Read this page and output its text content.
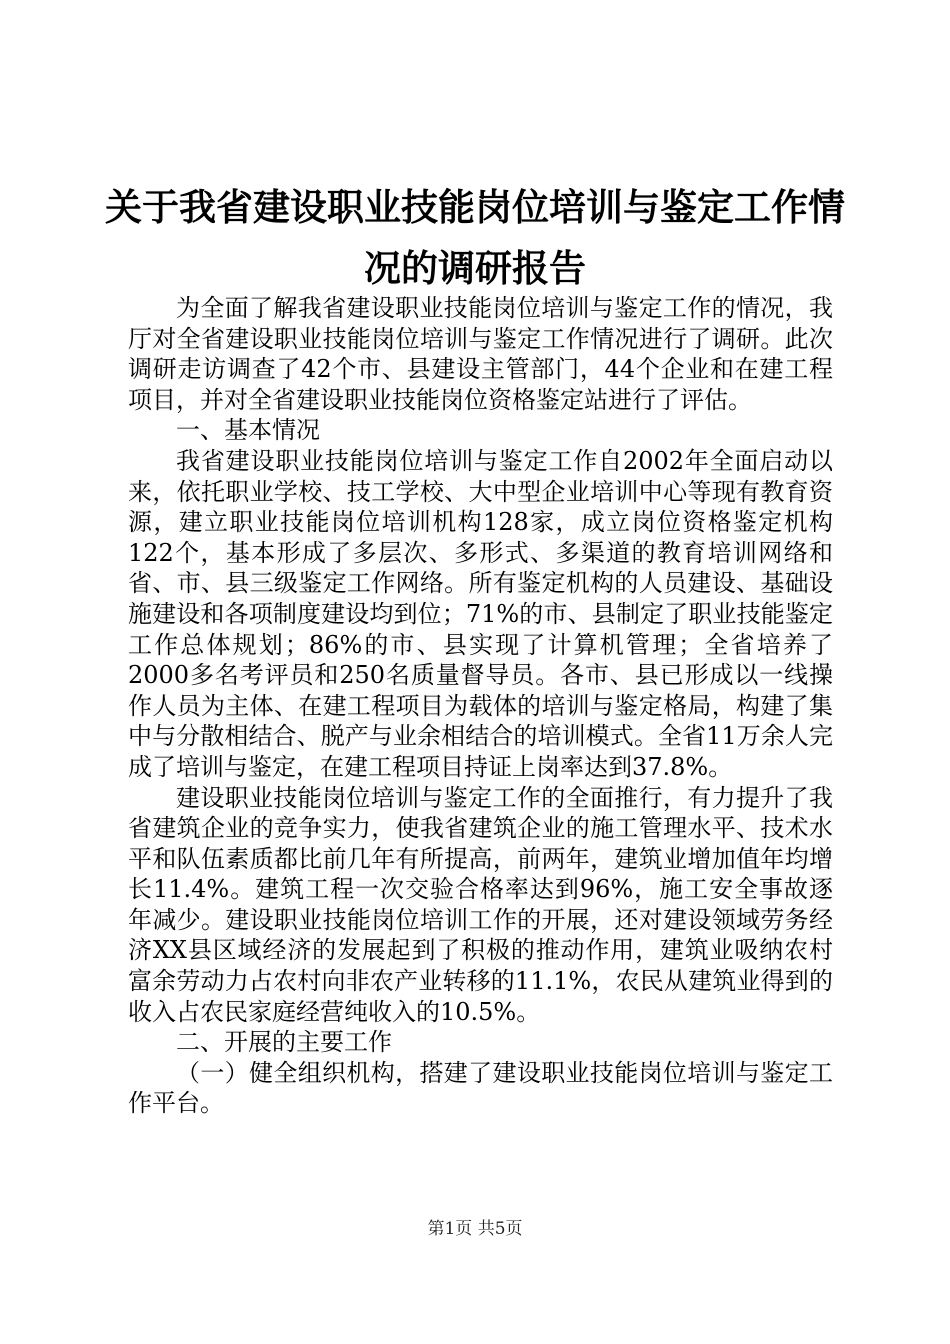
关于我省建设职业技能岗位培训与鉴定工作情
况的调研报告

为全面了解我省建设职业技能岗位培训与鉴定工作的情况，我厅对全省建设职业技能岗位培训与鉴定工作情况进行了调研。此次调研走访调查了42个市、县建设主管部门，44个企业和在建工程项目，并对全省建设职业技能岗位资格鉴定站进行了评估。

一、基本情况

我省建设职业技能岗位培训与鉴定工作自2002年全面启动以来，依托职业学校、技工学校、大中型企业培训中心等现有教育资源，建立职业技能岗位培训机构128家，成立岗位资格鉴定机构122个，基本形成了多层次、多形式、多渠道的教育培训网络和省、市、县三级鉴定工作网络。所有鉴定机构的人员建设、基础设施建设和各项制度建设均到位；71%的市、县制定了职业技能鉴定工作总体规划；86%的市、县实现了计算机管理；全省培养了2000多名考评员和250名质量督导员。各市、县已形成以一线操作人员为主体、在建工程项目为载体的培训与鉴定格局，构建了集中与分散相结合、脱产与业余相结合的培训模式。全省11万余人完成了培训与鉴定，在建工程项目持证上岗率达到37.8%。

建设职业技能岗位培训与鉴定工作的全面推行，有力提升了我省建筑企业的竞争实力，使我省建筑企业的施工管理水平、技术水平和队伍素质都比前几年有所提高，前两年，建筑业增加值年均增长11.4%。建筑工程一次交验合格率达到96%，施工安全事故逐年减少。建设职业技能岗位培训工作的开展，还对建设领域劳务经济XX县区域经济的发展起到了积极的推动作用，建筑业吸纳农村富余劳动力占农村向非农产业转移的11.1%，农民从建筑业得到的收入占农民家庭经营纯收入的10.5%。

二、开展的主要工作

（一）健全组织机构，搭建了建设职业技能岗位培训与鉴定工作平台。

第1页 共5页
